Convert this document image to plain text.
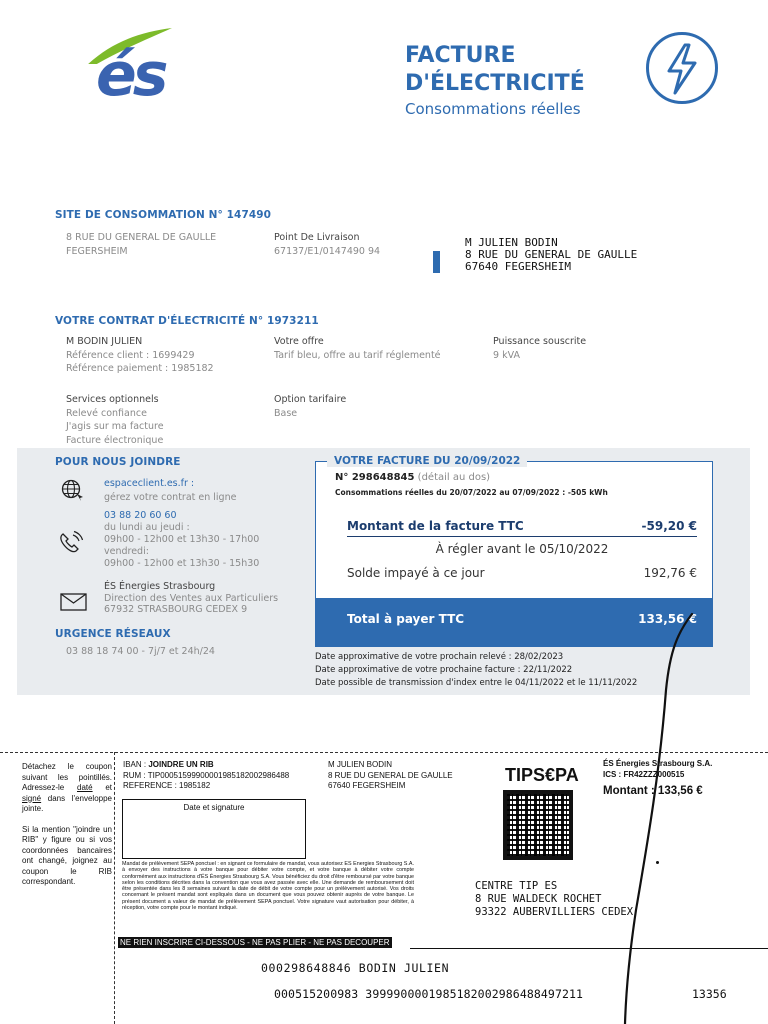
és	FACTURE
D'ÉLECTRICITÉ
Consommations réelles
SITE DE CONSOMMATION N° 147490
8 RUE DU GENERAL DE GAULLE
FEGERSHEIM
Point De Livraison
67137/E1/0147490 94
M JULIEN BODIN
8 RUE DU GENERAL DE GAULLE
67640 FEGERSHEIM
VOTRE CONTRAT D'ÉLECTRICITÉ N° 1973211
M BODIN JULIEN
Référence client : 1699429
Référence paiement : 1985182
Votre offre
Tarif bleu, offre au tarif réglementé
Puissance souscrite
9 kVA
Services optionnels
Relevé confiance
J'agis sur ma facture
Facture électronique
Option tarifaire
Base
POUR NOUS JOINDRE
espaceclient.es.fr :
gérez votre contrat en ligne
03 88 20 60 60
du lundi au jeudi :
09h00 - 12h00 et 13h30 - 17h00
vendredi:
09h00 - 12h00 et 13h30 - 15h30
ÉS Énergies Strasbourg
Direction des Ventes aux Particuliers
67932 STRASBOURG CEDEX 9
URGENCE RÉSEAUX
03 88 18 74 00 - 7j/7 et 24h/24
VOTRE FACTURE DU 20/09/2022
N° 298648845 (détail au dos)
Consommations réelles du 20/07/2022 au 07/09/2022 : -505 kWh
Montant de la facture TTC	-59,20 €
À régler avant le 05/10/2022
Solde impayé à ce jour	192,76 €
Total à payer TTC	133,56 €
Date approximative de votre prochain relevé : 28/02/2023
Date approximative de votre prochaine facture : 22/11/2022
Date possible de transmission d'index entre le 04/11/2022 et le 11/11/2022
Détachez le coupon suivant les pointillés. Adressez-le daté et signé dans l'enveloppe jointe.
Si la mention "joindre un RIB" y figure ou si vos coordonnées bancaires ont changé, joignez au coupon le RIB correspondant.
IBAN : JOINDRE UN RIB
RUM : TIP00051599900001985182002986488
REFERENCE : 1985182
M JULIEN BODIN
8 RUE DU GENERAL DE GAULLE
67640 FEGERSHEIM
Date et signature
Mandat de prélèvement SEPA ponctuel : en signant ce formulaire de mandat, vous autorisez ÉS Énergies Strasbourg S.A. à envoyer des instructions à votre banque pour débiter votre compte, et votre banque à débiter votre compte conformément aux instructions d'ÉS Énergies Strasbourg S.A. Vous bénéficiez du droit d'être remboursé par votre banque selon les conditions décrites dans la convention que vous avez passée avec elle. Une demande de remboursement doit être présentée dans les 8 semaines suivant la date de débit de votre compte pour un prélèvement autorisé. Vos droits concernant le présent mandat sont expliqués dans un document que vous pouvez obtenir auprès de votre banque. Le présent document a valeur de mandat de prélèvement SEPA ponctuel. Votre signature vaut autorisation pour débiter, à réception, votre compte pour le montant indiqué.
NE RIEN INSCRIRE CI-DESSOUS - NE PAS PLIER - NE PAS DECOUPER
TIPS€PA
ÉS Énergies Strasbourg S.A.
ICS : FR42ZZZ000515
Montant : 133,56 €
CENTRE TIP ES
8 RUE WALDECK ROCHET
93322 AUBERVILLIERS CEDEX
000298648846 BODIN JULIEN
000515200983 3999900001985182002986488497211	13356
